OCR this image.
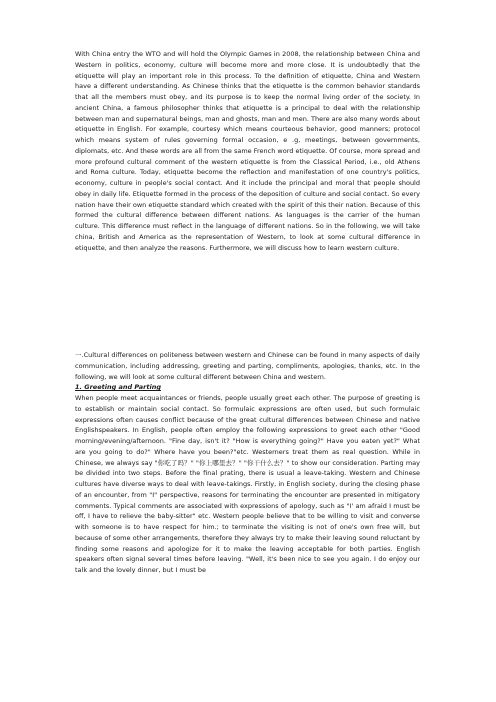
With China entry the WTO and will hold the Olympic Games in 2008, the relationship between China and Western in politics, economy, culture will become more and more close. It is undoubtedly that the etiquette will play an important role in this process. To the definition of etiquette, China and Western have a different understanding. As Chinese thinks that the etiquette is the common behavior standards that all the members must obey, and its purpose is to keep the normal living order of the society. In ancient China, a famous philosopher thinks that etiquette is a principal to deal with the relationship between man and supernatural beings, man and ghosts, man and men. There are also many words about etiquette in English. For example, courtesy which means courteous behavior, good manners; protocol which means system of rules governing formal occasion, e .g, meetings, between governments, diplomats, etc. And these words are all from the same French word etiquette. Of course, more spread and more profound cultural comment of the western etiquette is from the Classical Period, i.e., old Athens and Roma culture. Today, etiquette become the reflection and manifestation of one country's politics, economy, culture in people's social contact. And it include the principal and moral that people should obey in daily life. Etiquette formed in the process of the deposition of culture and social contact. So every nation have their own etiquette standard which created with the spirit of this their nation. Because of this formed the cultural difference between different nations. As languages is the carrier of the human culture. This difference must reflect in the language of different nations. So in the following, we will take china, British and America as the representation of Western, to look at some cultural difference in etiquette, and then analyze the reasons. Furthermore, we will discuss how to learn western culture.

一.Cultural differences on politeness between western and Chinese can be found in many aspects of daily communication, including addressing, greeting and parting, compliments, apologies, thanks, etc. In the following, we will look at some cultural different between China and western.

1. Greeting and Parting

When people meet acquaintances or friends, people usually greet each other. The purpose of greeting is to establish or maintain social contact. So formulaic expressions are often used, but such formulaic expressions often causes conflict because of the great cultural differences between Chinese and native Englishspeakers. In English, people often employ the following expressions to greet each other "Good morning/evening/afternoon. "Fine day, isn't it? "How is everything going?" Have you eaten yet?" What are you going to do?" Where have you been?"etc. Westerners treat them as real question. While in Chinese, we always say "你吃了吗？" "你上哪里去？" "你干什么去？" to show our consideration. Parting may be divided into two steps. Before the final prating, there is usual a leave-taking. Western and Chinese cultures have diverse ways to deal with leave-takings. Firstly, in English society, during the closing phase of an encounter, from "I" perspective, reasons for terminating the encounter are presented in mitigatory comments. Typical comments are associated with expressions of apology, such as "I' am afraid I must be off, I have to relieve the baby-sitter" etc. Western people believe that to be willing to visit and converse with someone is to have respect for him.; to terminate the visiting is not of one's own free will, but because of some other arrangements, therefore they always try to make their leaving sound reluctant by finding some reasons and apologize for it to make the leaving acceptable for both parties. English speakers often signal several times before leaving. "Well, it's been nice to see you again. I do enjoy our talk and the lovely dinner, but I must be
